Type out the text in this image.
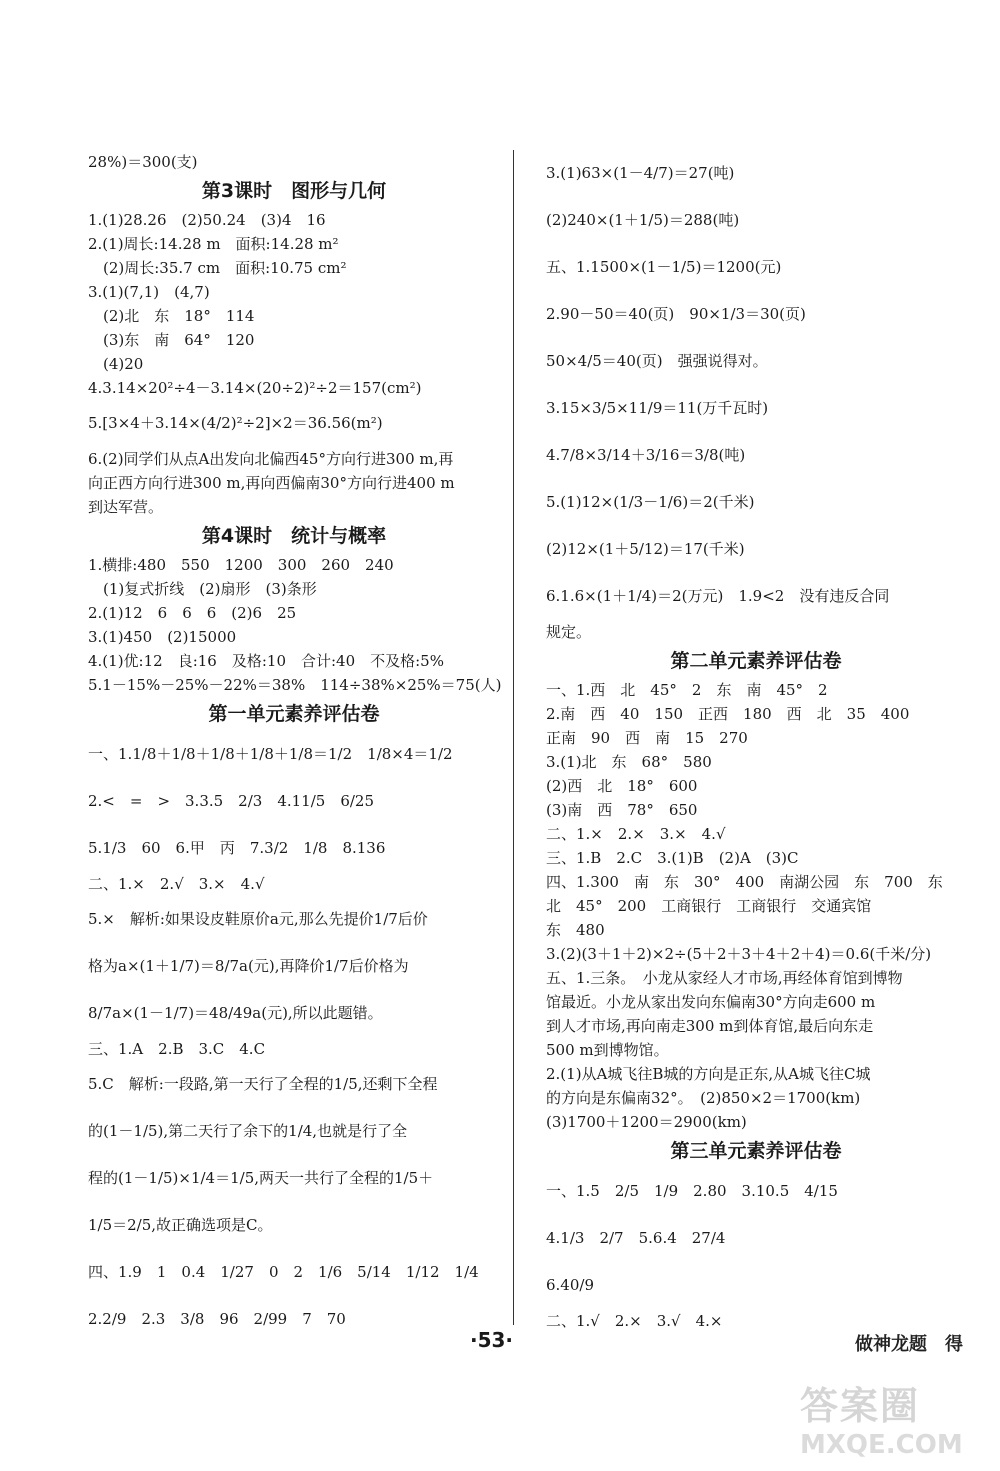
28%)＝300(支)
第3课时　图形与几何
1.(1)28.26　(2)50.24　(3)4　16
2.(1)周长:14.28 m　面积:14.28 m²
　(2)周长:35.7 cm　面积:10.75 cm²
3.(1)(7,1)　(4,7)
　(2)北　东　18°　114
　(3)东　南　64°　120
　(4)20
4.3.14×20²÷4－3.14×(20÷2)²÷2＝157(cm²)
5.[3×4＋3.14×(4/2)²÷2]×2＝36.56(m²)
6.(2)同学们从点A出发向北偏西45°方向行进300 m,再
向正西方向行进300 m,再向西偏南30°方向行进400 m
到达军营。
第4课时　统计与概率
1.横排:480　550　1200　300　260　240
　(1)复式折线　(2)扇形　(3)条形
2.(1)12　6　6　6　(2)6　25
3.(1)450　(2)15000
4.(1)优:12　良:16　及格:10　合计:40　不及格:5%
5.1－15%－25%－22%＝38%　114÷38%×25%＝75(人)
第一单元素养评估卷
一、1.1/8＋1/8＋1/8＋1/8＋1/8＝1/2　1/8×4＝1/2
2.<　=　>　3.3.5　2/3　4.11/5　6/25
5.1/3　60　6.甲　丙　7.3/2　1/8　8.136
二、1.×　2.√　3.×　4.√
5.×　解析:如果设皮鞋原价a元,那么先提价1/7后价
格为a×(1＋1/7)＝8/7a(元),再降价1/7后价格为
8/7a×(1－1/7)＝48/49a(元),所以此题错。
三、1.A　2.B　3.C　4.C
5.C　解析:一段路,第一天行了全程的1/5,还剩下全程
的(1－1/5),第二天行了余下的1/4,也就是行了全
程的(1－1/5)×1/4＝1/5,两天一共行了全程的1/5＋
1/5＝2/5,故正确选项是C。
四、1.9　1　0.4　1/27　0　2　1/6　5/14　1/12　1/4
2.2/9　2.3　3/8　96　2/99　7　70
3.(1)63×(1－4/7)＝27(吨)
(2)240×(1＋1/5)＝288(吨)
五、1.1500×(1－1/5)＝1200(元)
2.90－50＝40(页)　90×1/3＝30(页)
50×4/5＝40(页)　强强说得对。
3.15×3/5×11/9＝11(万千瓦时)
4.7/8×3/14＋3/16＝3/8(吨)
5.(1)12×(1/3－1/6)＝2(千米)
(2)12×(1＋5/12)＝17(千米)
6.1.6×(1＋1/4)＝2(万元)　1.9<2　没有违反合同
规定。
第二单元素养评估卷
一、1.西　北　45°　2　东　南　45°　2
2.南　西　40　150　正西　180　西　北　35　400
正南　90　西　南　15　270
3.(1)北　东　68°　580
(2)西　北　18°　600
(3)南　西　78°　650
二、1.×　2.×　3.×　4.√
三、1.B　2.C　3.(1)B　(2)A　(3)C
四、1.300　南　东　30°　400　南湖公园　东　700　东
北　45°　200　工商银行　工商银行　交通宾馆
东　480
3.(2)(3＋1＋2)×2÷(5＋2＋3＋4＋2＋4)＝0.6(千米/分)
五、1.三条。　小龙从家经人才市场,再经体育馆到博物
馆最近。小龙从家出发向东偏南30°方向走600 m
到人才市场,再向南走300 m到体育馆,最后向东走
500 m到博物馆。
2.(1)从A城飞往B城的方向是正东,从A城飞往C城
的方向是东偏南32°。　(2)850×2＝1700(km)
(3)1700＋1200＝2900(km)
第三单元素养评估卷
一、1.5　2/5　1/9　2.80　3.10.5　4/15
4.1/3　2/7　5.6.4　27/4
6.40/9
二、1.√　2.×　3.√　4.×
·53·	做神龙题　得
答案圈
MXQE.COM
